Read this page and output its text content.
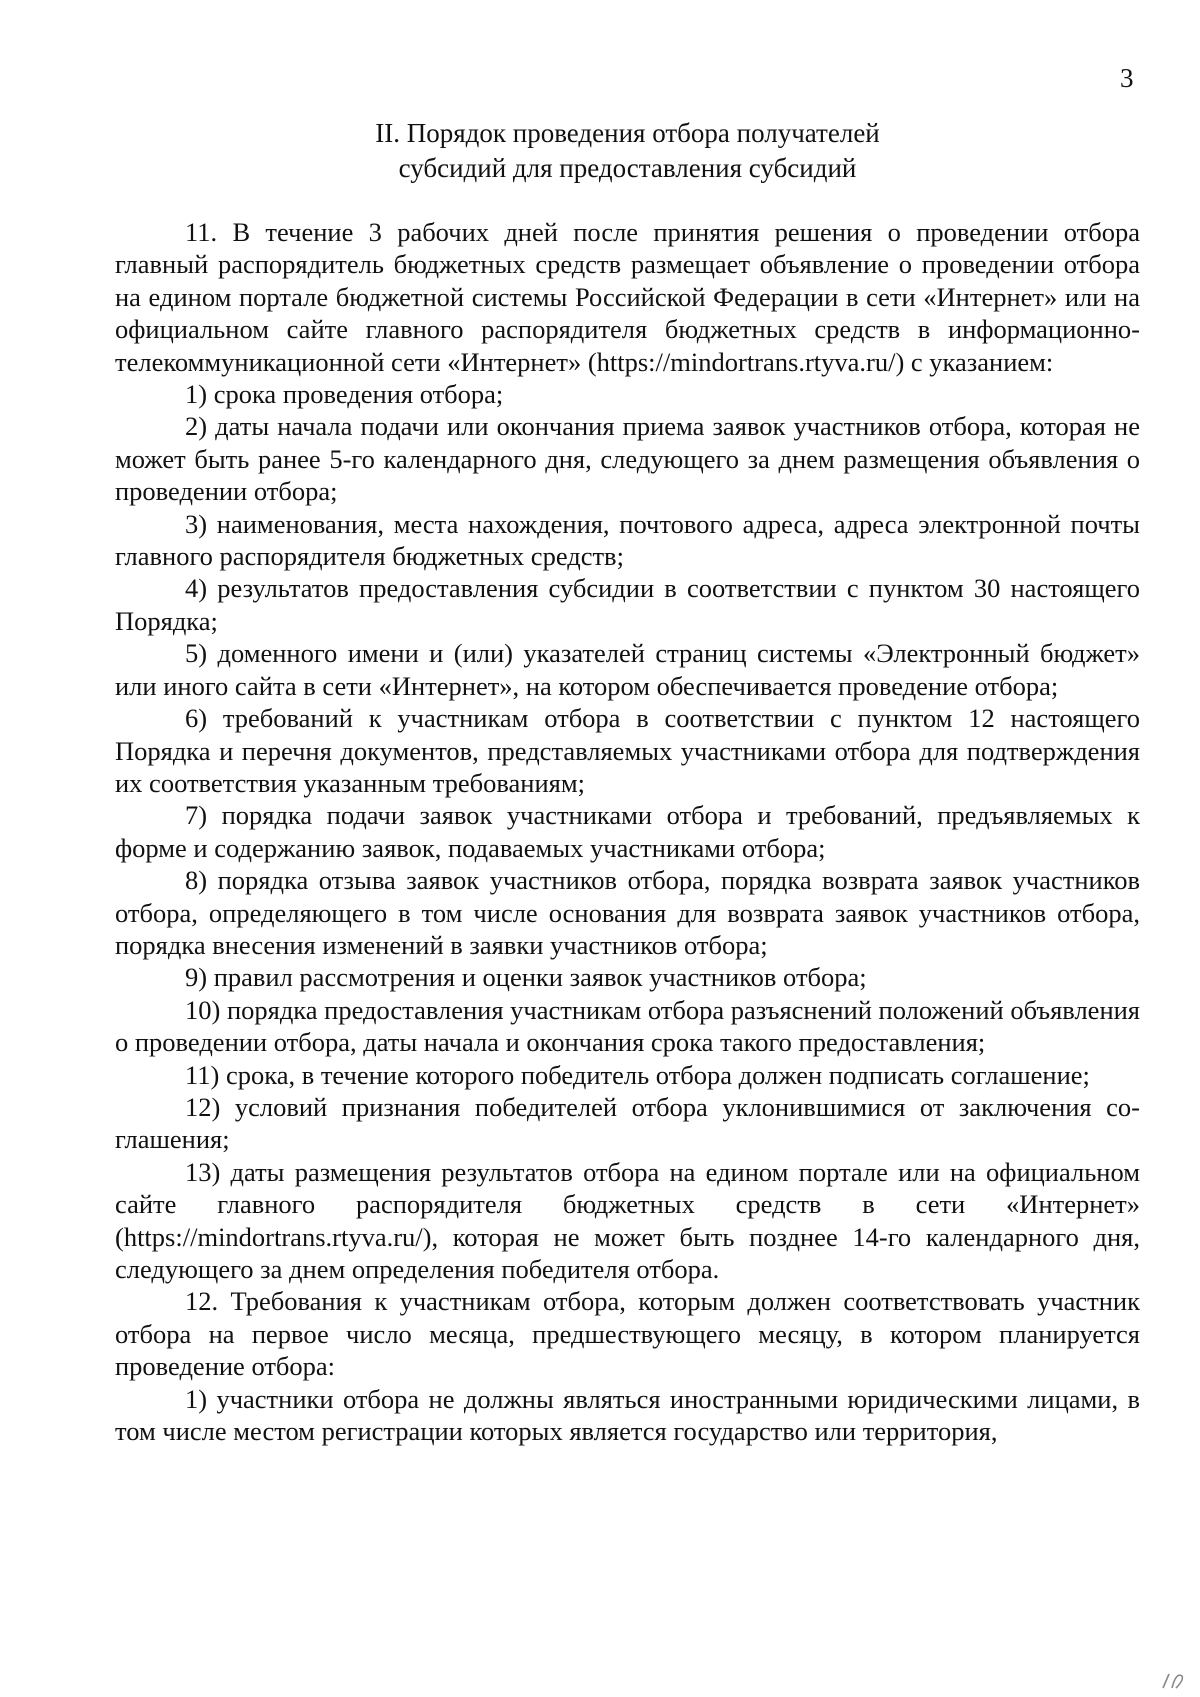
3
II. Порядок проведения отбора получателей
субсидий для предоставления субсидий

11. В течение 3 рабочих дней после принятия решения о проведении отбора главный распорядитель бюджетных средств размещает объявление о проведении отбора на едином портале бюджетной системы Российской Федерации в сети «Интернет» или на официальном сайте главного распорядителя бюджетных средств в информационно-телекоммуникационной сети «Интернет» (https://mindortrans.rtyva.ru/) с указанием:

1) срока проведения отбора;

2) даты начала подачи или окончания приема заявок участников отбора, которая не может быть ранее 5-го календарного дня, следующего за днем размещения объявления о проведении отбора;

3) наименования, места нахождения, почтового адреса, адреса электронной почты главного распорядителя бюджетных средств;

4) результатов предоставления субсидии в соответствии с пунктом 30 настоящего Порядка;

5) доменного имени и (или) указателей страниц системы «Электронный бюджет» или иного сайта в сети «Интернет», на котором обеспечивается проведение отбора;

6) требований к участникам отбора в соответствии с пунктом 12 настоящего Порядка и перечня документов, представляемых участниками отбора для подтверждения их соответствия указанным требованиям;

7) порядка подачи заявок участниками отбора и требований, предъявляемых к форме и содержанию заявок, подаваемых участниками отбора;

8) порядка отзыва заявок участников отбора, порядка возврата заявок участников отбора, определяющего в том числе основания для возврата заявок участников отбора, порядка внесения изменений в заявки участников отбора;

9) правил рассмотрения и оценки заявок участников отбора;

10) порядка предоставления участникам отбора разъяснений положений объявления о проведении отбора, даты начала и окончания срока такого предоставления;

11) срока, в течение которого победитель отбора должен подписать соглашение;

12) условий признания победителей отбора уклонившимися от заключения соглашения;

13) даты размещения результатов отбора на едином портале или на официальном сайте главного распорядителя бюджетных средств в сети «Интернет» (https://mindortrans.rtyva.ru/), которая не может быть позднее 14-го календарного дня, следующего за днем определения победителя отбора.

12. Требования к участникам отбора, которым должен соответствовать участник отбора на первое число месяца, предшествующего месяцу, в котором планируется проведение отбора:

1) участники отбора не должны являться иностранными юридическими лицами, в том числе местом регистрации которых является государство или территория,
